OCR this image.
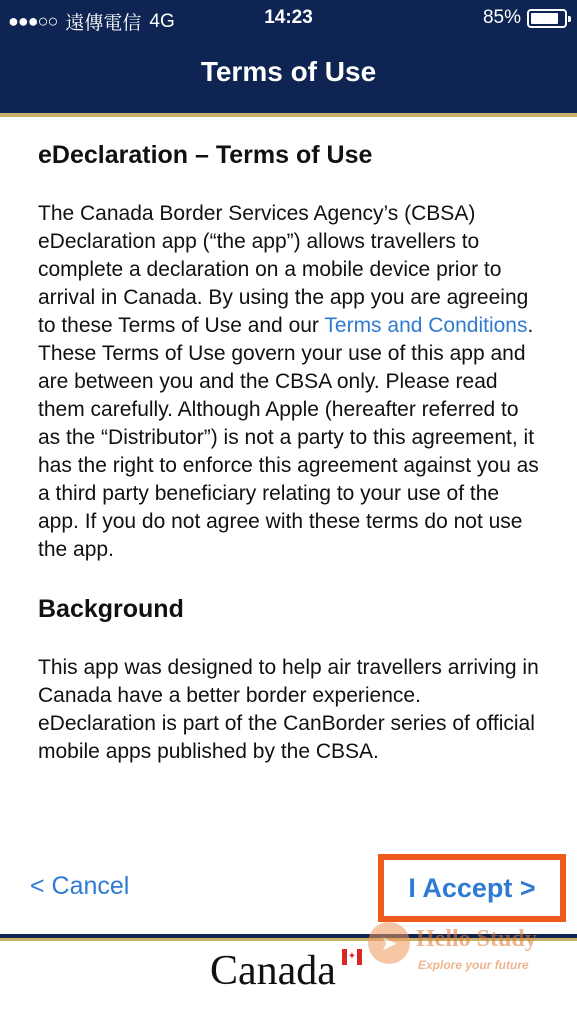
●●●○○ 遠傳電信 4G	14:23	85%
Terms of Use
eDeclaration – Terms of Use

The Canada Border Services Agency’s (CBSA) eDeclaration app (“the app”) allows travellers to complete a declaration on a mobile device prior to arrival in Canada. By using the app you are agreeing to these Terms of Use and our Terms and Conditions. These Terms of Use govern your use of this app and are between you and the CBSA only. Please read them carefully. Although Apple (hereafter referred to as the “Distributor”) is not a party to this agreement, it has the right to enforce this agreement against you as a third party beneficiary relating to your use of the app. If you do not agree with these terms do not use the app.

Background

This app was designed to help air travellers arriving in Canada have a better border experience. eDeclaration is part of the CanBorder series of official mobile apps published by the CBSA.

< Cancel	I Accept >
Canada ✦
➤ Hello Study
Explore your future
